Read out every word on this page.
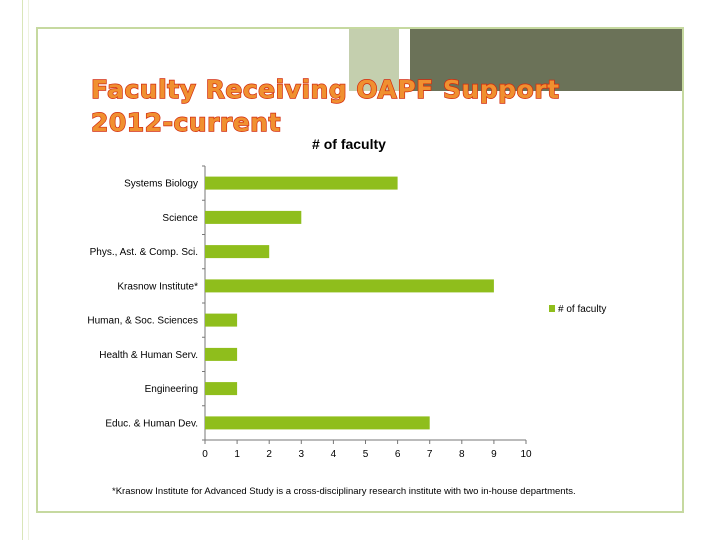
Faculty Receiving OAPF Support
2012-current
# of faculty
Systems Biology
Science
Phys., Ast. & Comp. Sci.
Krasnow Institute*
Human, & Soc. Sciences
Health & Human Serv.
Engineering
Educ. & Human Dev.
0	1	2	3	4	5	6	7	8	9 10
# of faculty
*Krasnow Institute for Advanced Study is a cross-disciplinary research institute with two in-house departments.
